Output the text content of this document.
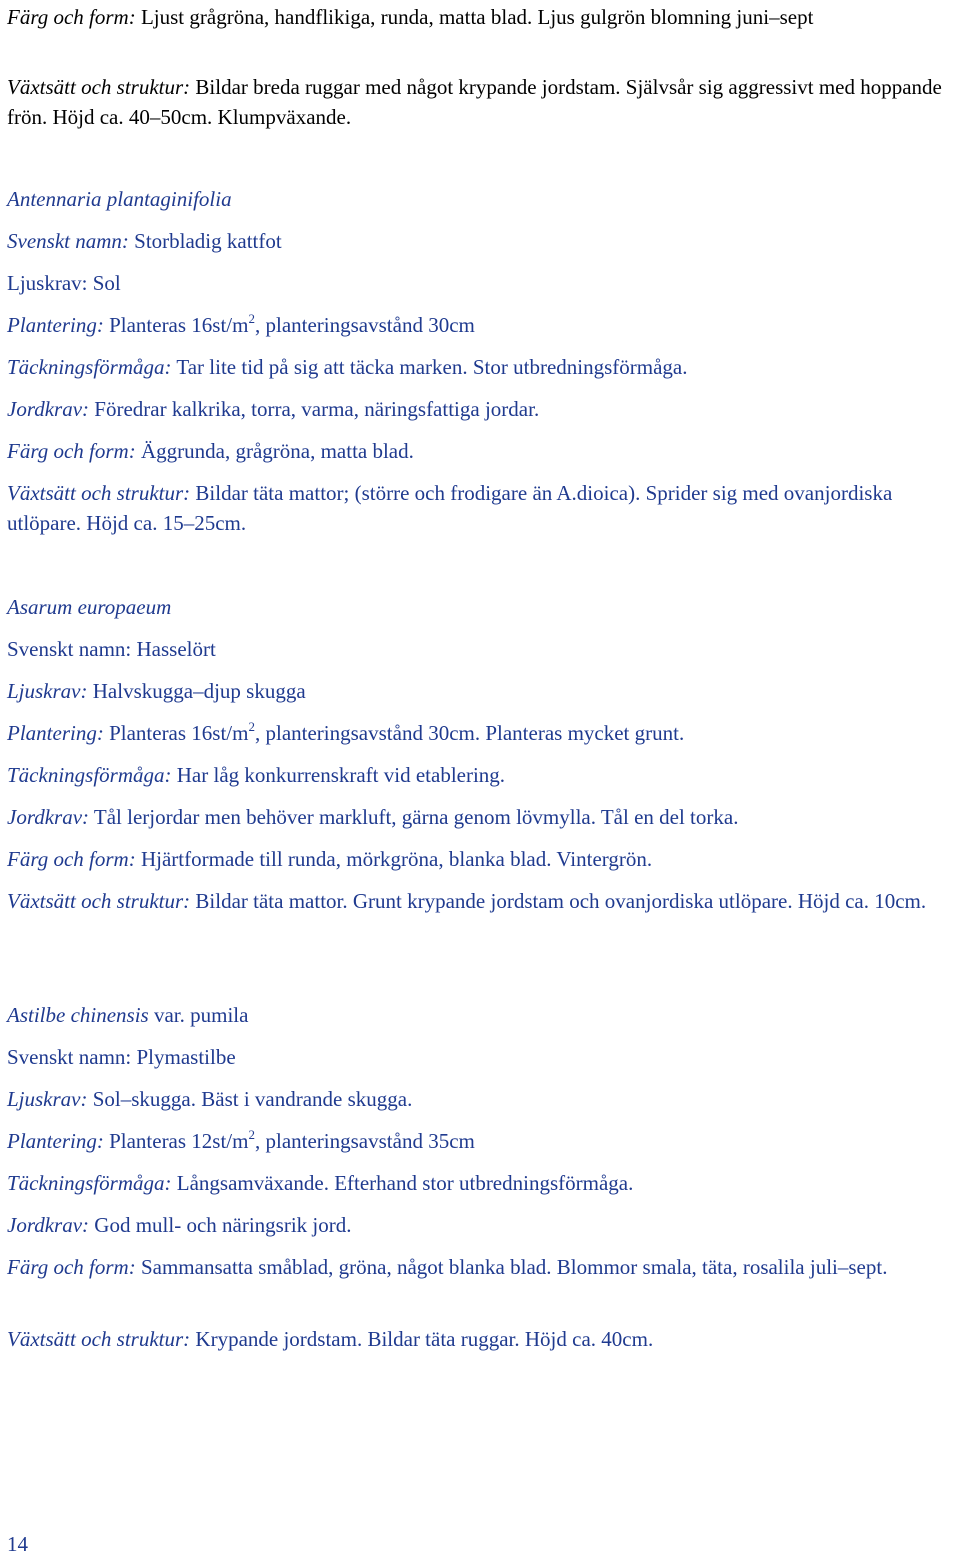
Färg och form: Ljust grågröna, handflikiga, runda, matta blad. Ljus gulgrön blomning juni–sept

Växtsätt och struktur: Bildar breda ruggar med något krypande jordstam. Självsår sig aggressivt med hoppande frön. Höjd ca. 40–50cm. Klumpväxande.

Antennaria plantaginifolia

Svenskt namn: Storbladig kattfot

Ljuskrav: Sol

Plantering: Planteras $16st/m^2$, planteringsavstånd 30cm

Täckningsförmåga: Tar lite tid på sig att täcka marken. Stor utbredningsförmåga.

Jordkrav: Föredrar kalkrika, torra, varma, näringsfattiga jordar.

Färg och form: Äggrunda, grågröna, matta blad.

Växtsätt och struktur: Bildar täta mattor; (större och frodigare än A.dioica). Sprider sig med ovanjordiska utlöpare. Höjd ca. 15–25cm.

Asarum europaeum

Svenskt namn: Hasselört

Ljuskrav: Halvskugga–djup skugga

Plantering: Planteras $16st/m^2$, planteringsavstånd 30cm. Planteras mycket grunt.

Täckningsförmåga: Har låg konkurrenskraft vid etablering.

Jordkrav: Tål lerjordar men behöver markluft, gärna genom lövmylla. Tål en del torka.

Färg och form: Hjärtformade till runda, mörkgröna, blanka blad. Vintergrön.

Växtsätt och struktur: Bildar täta mattor. Grunt krypande jordstam och ovanjordiska utlöpare. Höjd ca. 10cm.

Astilbe chinensis var. pumila

Svenskt namn: Plymastilbe

Ljuskrav: Sol–skugga. Bäst i vandrande skugga.

Plantering: Planteras $12st/m^2$, planteringsavstånd 35cm

Täckningsförmåga: Långsamväxande. Efterhand stor utbredningsförmåga.

Jordkrav: God mull- och näringsrik jord.

Färg och form: Sammansatta småblad, gröna, något blanka blad. Blommor smala, täta, rosalila juli–sept.

Växtsätt och struktur: Krypande jordstam. Bildar täta ruggar. Höjd ca. 40cm.

14
